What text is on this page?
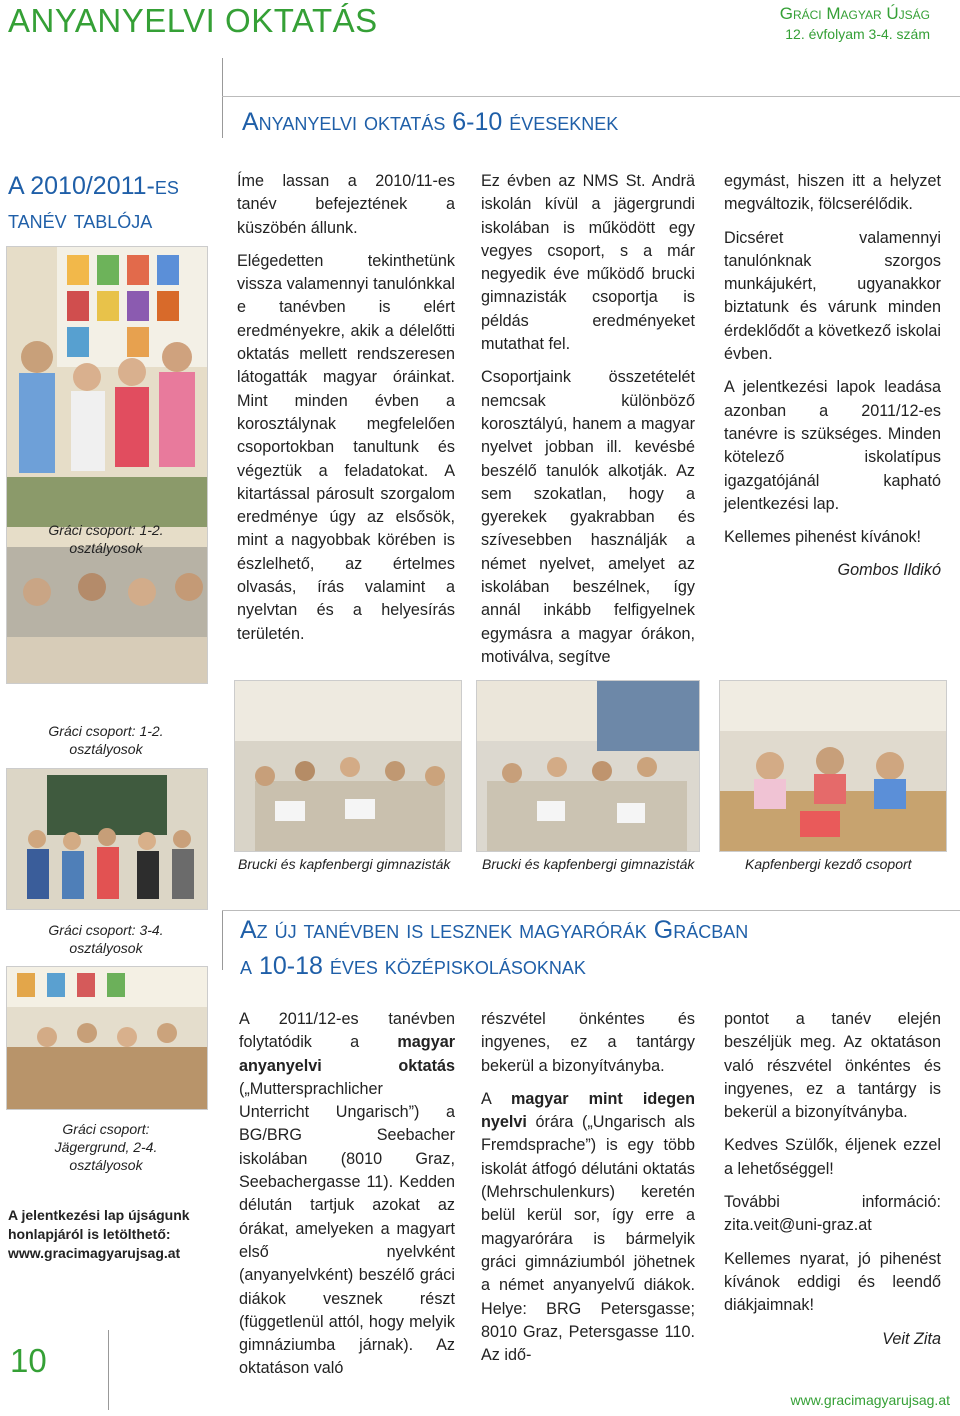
ANYANYELVI OKTATÁS	Gráci Magyar Újság
12. évfolyam 3-4. szám
Anyanyelvi oktatás 6-10 éveseknek
A 2010/2011-es
tanév tablója
Gráci csoport: 1-2. osztályosok
Gráci csoport: 1-2. osztályosok
Gráci csoport: 3-4. osztályosok
Gráci csoport: Jägergrund, 2-4. osztályosok
A jelentkezési lap újságunk
honlapjáról is letölthető:
www.gracimagyarujsag.at

Íme lassan a 2010/11-es tanév befejeztének a küszöbén állunk.

Elégedetten tekinthetünk vissza valamennyi tanulónkkal e tanévben is elért eredményekre, akik a délelőtti oktatás mellett rendszeresen látogatták magyar óráinkat. Mint minden évben a korosztálynak megfelelően csoportokban tanultunk és végeztük a feladatokat. A kitartással párosult szorgalom eredménye úgy az elsősök, mint a nagyobbak körében is észlelhető, az értelmes olvasás, írás valamint a nyelvtan és a helyesírás területén.

Ez évben az NMS St. Andrä iskolán kívül a jägergrundi iskolában is működött egy vegyes csoport, s a már negyedik éve működő brucki gimnazisták csoportja is példás eredményeket mutathat fel.

Csoportjaink összetételét nemcsak különböző korosztályú, hanem a magyar nyelvet jobban ill. kevésbé beszélő tanulók alkotják. Az sem szokatlan, hogy a gyerekek gyakrabban és szívesebben használják a német nyelvet, amelyet az iskolában beszélnek, így annál inkább felfigyelnek egymásra a magyar órákon, motiválva, segítve

egymást, hiszen itt a helyzet megváltozik, fölcserélődik.

Dicséret valamennyi tanulónknak szorgos munkájukért, ugyanakkor biztatunk és várunk minden érdeklődőt a következő iskolai évben.

A jelentkezési lapok leadása azonban a 2011/12-es tanévre is szükséges. Minden kötelező iskolatípus igazgatójánál kapható jelentkezési lap.

Kellemes pihenést kívánok!

Gombos Ildikó
Brucki és kapfenbergi gimnazisták Brucki és kapfenbergi gimnazisták	Kapfenbergi kezdő csoport
Az új tanévben is lesznek magyarórák Grácban
a 10-18 éves középiskolásoknak

A 2011/12-es tanévben folytatódik a magyar anyanyelvi oktatás („Muttersprachlicher Unterricht Ungarisch”) a BG/BRG Seebacher iskolában (8010 Graz, Seebachergasse 11). Kedden délután tartjuk azokat az órákat, amelyeken a magyart első nyelvként (anyanyelvként) beszélő gráci diákok vesznek részt (függetlenül attól, hogy melyik gimnáziumba járnak). Az oktatáson való

részvétel önkéntes és ingyenes, ez a tantárgy bekerül a bizonyítványba.

A magyar mint idegen nyelvi órára („Ungarisch als Fremdsprache”) is egy több iskolát átfogó délutáni oktatás (Mehrschulenkurs) keretén belül kerül sor, így erre a magyarórára is bármelyik gráci gimnáziumból jöhetnek a német anyanyelvű diákok. Helye: BRG Petersgasse; 8010 Graz, Petersgasse 110. Az idő-

pontot a tanév elején beszéljük meg. Az oktatáson való részvétel önkéntes és ingyenes, ez a tantárgy is bekerül a bizonyítványba.

Kedves Szülők, éljenek ezzel a lehetőséggel!

További információ: zita.veit@uni-graz.at

Kellemes nyarat, jó pihenést kívánok eddigi és leendő diákjaimnak!

Veit Zita
10
www.gracimagyarujsag.at
